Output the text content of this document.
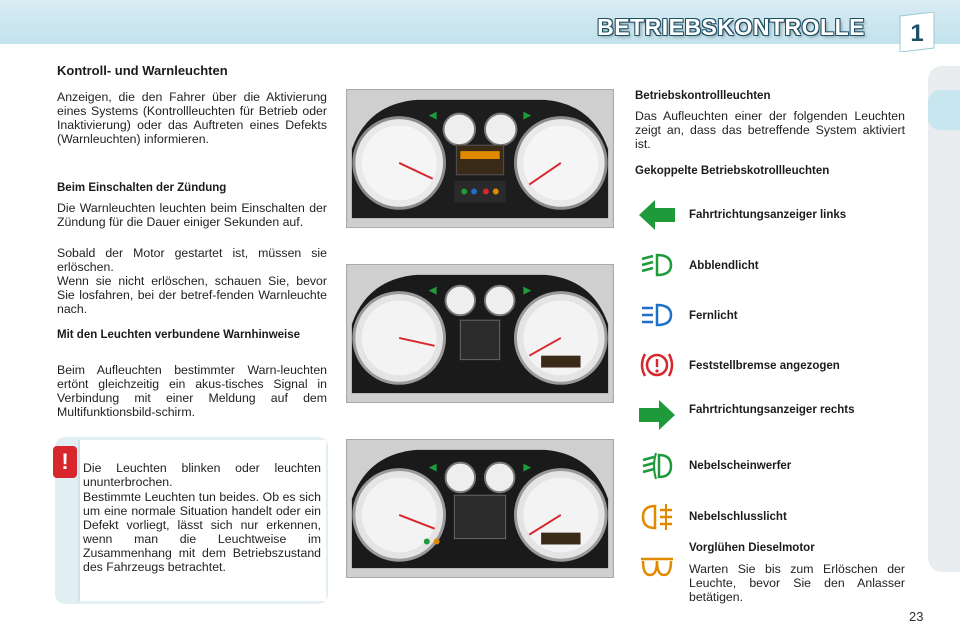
BETRIEBSKONTROLLE 1
Kontroll- und Warnleuchten
Anzeigen, die den Fahrer über die Aktivierung eines Systems (Kontrollleuchten für Betrieb oder Inaktivierung) oder das Auftreten eines Defekts (Warnleuchten) informieren.
Beim Einschalten der Zündung
Die Warnleuchten leuchten beim Einschalten der Zündung für die Dauer einiger Sekunden auf.
Sobald der Motor gestartet ist, müssen sie erlöschen.
Wenn sie nicht erlöschen, schauen Sie, bevor Sie losfahren, bei der betref-fenden Warnleuchte nach.
Mit den Leuchten verbundene Warnhinweise
Beim Aufleuchten bestimmter Warn-leuchten ertönt gleichzeitig ein akus-tisches Signal in Verbindung mit einer Meldung auf dem Multifunktionsbild-schirm.
!	Die Leuchten blinken oder leuchten ununterbrochen.
Bestimmte Leuchten tun beides. Ob es sich um eine normale Situation handelt oder ein Defekt vorliegt, lässt sich nur erkennen, wenn man die Leuchtweise im Zusammenhang mit dem Betriebszustand des Fahrzeugs betrachtet.
Betriebskontrollleuchten
Das Aufleuchten einer der folgenden Leuchten zeigt an, dass das betreffende System aktiviert ist.
Gekoppelte Betriebskotrollleuchten
Fahrtrichtungsanzeiger links
Abblendlicht
Fernlicht
Feststellbremse angezogen
Fahrtrichtungsanzeiger rechts
Nebelscheinwerfer
Nebelschlusslicht
Vorglühen Dieselmotor
Warten Sie bis zum Erlöschen der Leuchte, bevor Sie den Anlasser betätigen.
23
